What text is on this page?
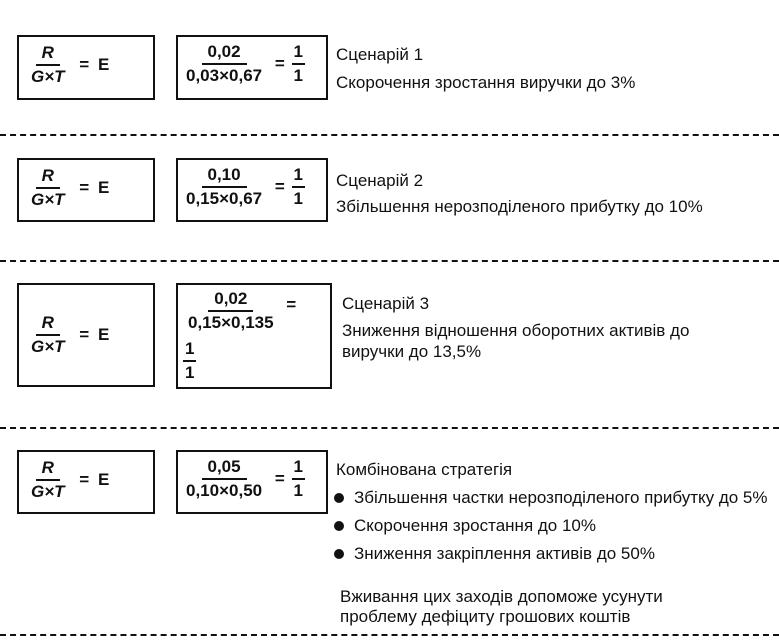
$\frac{R}{G\times T} = E$	$\frac{0,02}{0,03\times 0,67} = \frac{1}{1}$ Сценарій 1
Скорочення зростання виручки до 3%
$\frac{R}{G\times T} = E$	$\frac{0,10}{0,15\times 0,67} = \frac{1}{1}$ Сценарій 2
Збільшення нерозподіленого прибутку до 10%
$\frac{R}{G\times T} = E$
$\frac{0,02}{0,15\times 0,135}$ =
$\frac{1}{1}$
Сценарій 3
Зниження відношення оборотних активів до
виручки до 13,5%
$\frac{R}{G\times T} = E$	$\frac{0,05}{0,10\times 0,50} = \frac{1}{1}$ Комбінована стратегія
Збільшення частки нерозподіленого прибутку до 5%
Скорочення зростання до 10%
Зниження закріплення активів до 50%
Вживання цих заходів допоможе усунути
проблему дефіциту грошових коштів
